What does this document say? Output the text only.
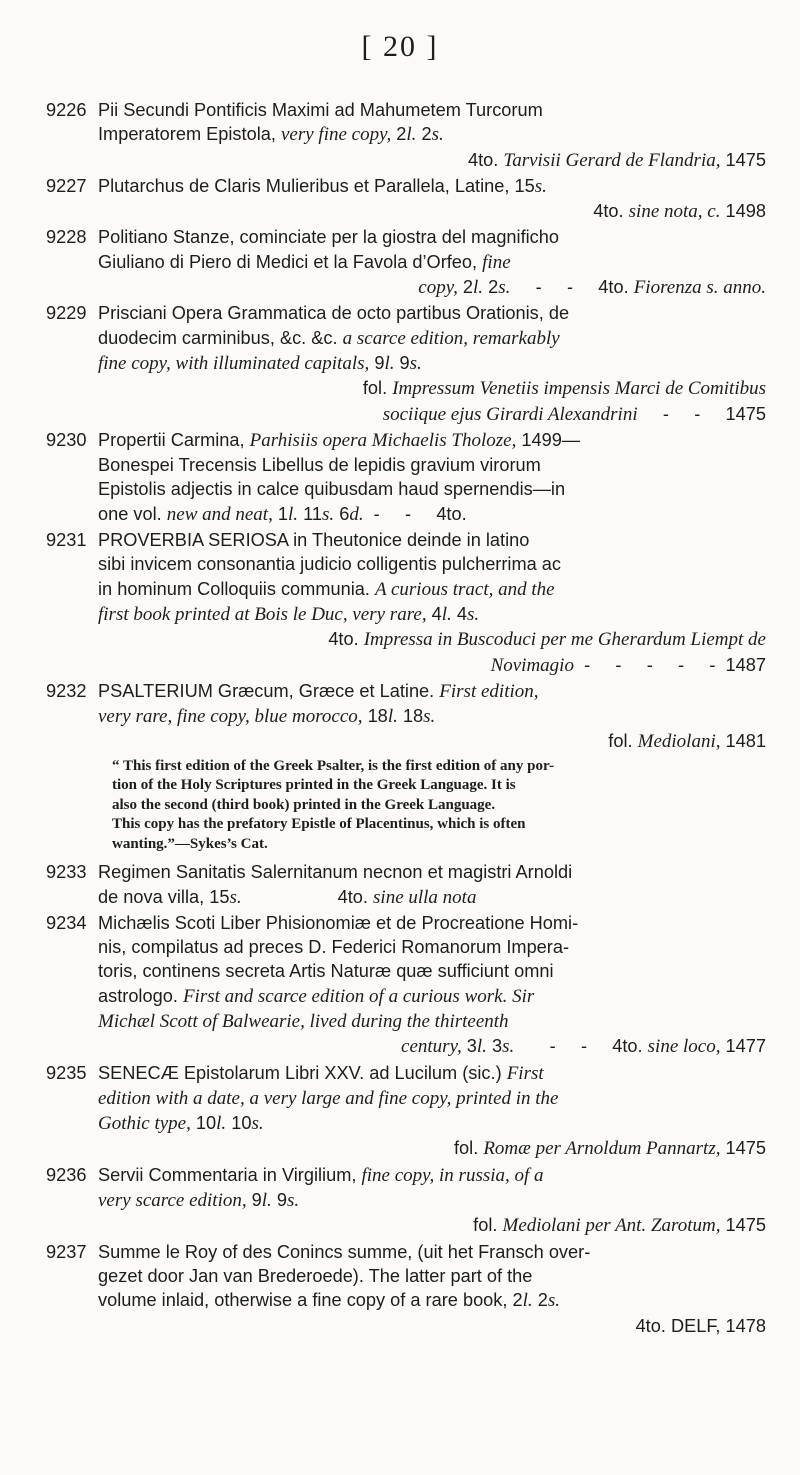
[ 20 ]
9226 Pii Secundi Pontificis Maximi ad Mahumetem Turcorum
Imperatorem Epistola, very fine copy, 2l. 2s.
4to. Tarvisii Gerard de Flandria, 1475
9227 Plutarchus de Claris Mulieribus et Parallela, Latine, 15s.
4to. sine nota, c. 1498
9228 Politiano Stanze, cominciate per la giostra del magnificho
Giuliano di Piero di Medici et la Favola d’Orfeo, fine
copy, 2l. 2s.     -     -     4to. Fiorenza s. anno.
9229 Prisciani Opera Grammatica de octo partibus Orationis, de
duodecim carminibus, &c. &c. a scarce edition, remarkably
fine copy, with illuminated capitals, 9l. 9s.
fol. Impressum Venetiis impensis Marci de Comitibus
sociique ejus Girardi Alexandrini     -     -     1475
9230 Propertii Carmina, Parhisiis opera Michaelis Tholoze, 1499—
Bonespei Trecensis Libellus de lepidis gravium virorum
Epistolis adjectis in calce quibusdam haud spernendis—in
one vol. new and neat, 1l. 11s. 6d.  -     -     4to.
9231 PROVERBIA SERIOSA in Theutonice deinde in latino
sibi invicem consonantia judicio colligentis pulcherrima ac
in hominum Colloquiis communia. A curious tract, and the
first book printed at Bois le Duc, very rare, 4l. 4s.
4to. Impressa in Buscoduci per me Gherardum Liempt de
Novimagio  -     -     -     -     -  1487
9232 PSALTERIUM Græcum, Græce et Latine. First edition,
very rare, fine copy, blue morocco, 18l. 18s.
fol. Mediolani, 1481
“ This first edition of the Greek Psalter, is the first edition of any por-
tion of the Holy Scriptures printed in the Greek Language. It is
also the second (third book) printed in the Greek Language.
This copy has the prefatory Epistle of Placentinus, which is often
wanting.”—Sykes’s Cat.
9233 Regimen Sanitatis Salernitanum necnon et magistri Arnoldi
de nova villa, 15s.                   4to. sine ulla nota
9234 Michælis Scoti Liber Phisionomiæ et de Procreatione Homi-
nis, compilatus ad preces D. Federici Romanorum Impera-
toris, continens secreta Artis Naturæ quæ sufficiunt omni
astrologo. First and scarce edition of a curious work. Sir
Michæl Scott of Balwearie, lived during the thirteenth
century, 3l. 3s.       -     -     4to. sine loco, 1477
9235 SENECÆ Epistolarum Libri XXV. ad Lucilum (sic.) First
edition with a date, a very large and fine copy, printed in the
Gothic type, 10l. 10s.
fol. Romæ per Arnoldum Pannartz, 1475
9236 Servii Commentaria in Virgilium, fine copy, in russia, of a
very scarce edition, 9l. 9s.
fol. Mediolani per Ant. Zarotum, 1475
9237 Summe le Roy of des Conincs summe, (uit het Fransch over-
gezet door Jan van Brederoede). The latter part of the
volume inlaid, otherwise a fine copy of a rare book, 2l. 2s.
4to. DELF, 1478
